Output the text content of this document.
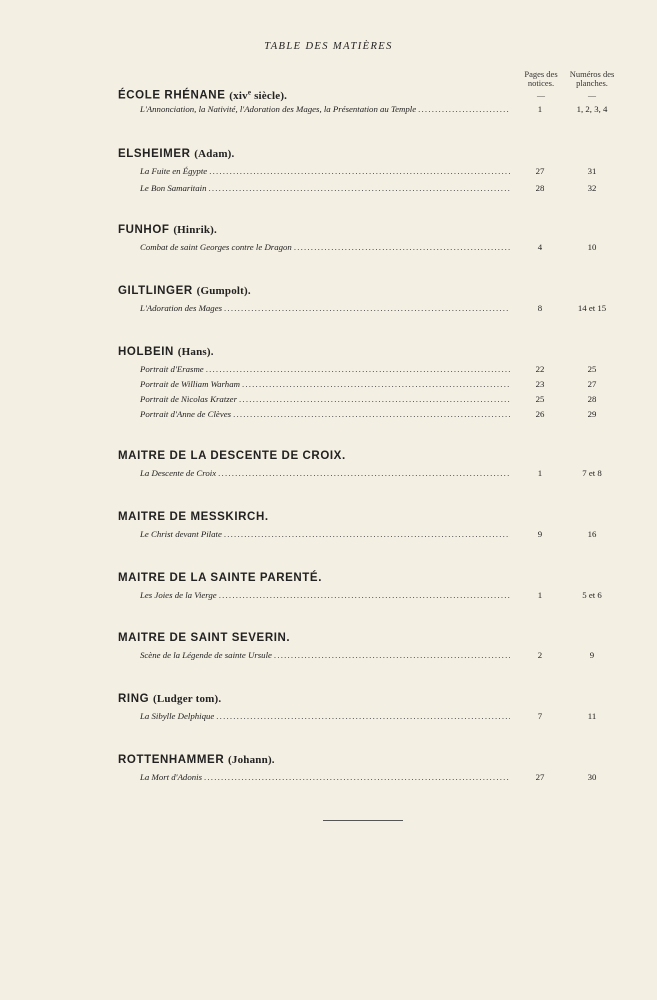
TABLE DES MATIÈRES
Pages des
notices.
—
Numéros des
planches.
—
ÉCOLE RHÉNANE (xiv$^e$ siècle).
L'Annonciation, la Nativité, l'Adoration des Mages, la Présentation au Temple .....	1	1, 2, 3, 4
ELSHEIMER (Adam).
La Fuite en Égypte .....	27	31
Le Bon Samaritain .....	28	32
FUNHOF (Hinrik).
Combat de saint Georges contre le Dragon .....	4	10
GILTLINGER (Gumpolt).
L'Adoration des Mages .....	8	14 et 15
HOLBEIN (Hans).
Portrait d'Erasme .....	22	25
Portrait de William Warham .....	23	27
Portrait de Nicolas Kratzer .....	25	28
Portrait d'Anne de Clèves .....	26	29
MAITRE DE LA DESCENTE DE CROIX.
La Descente de Croix .....	1	7 et 8
MAITRE DE MESSKIRCH.
Le Christ devant Pilate .....	9	16
MAITRE DE LA SAINTE PARENTÉ.
Les Joies de la Vierge .....	1	5 et 6
MAITRE DE SAINT SEVERIN.
Scène de la Légende de sainte Ursule .....	2	9
RING (Ludger tom).
La Sibylle Delphique .....	7	11
ROTTENHAMMER (Johann).
La Mort d'Adonis .....	27	30
